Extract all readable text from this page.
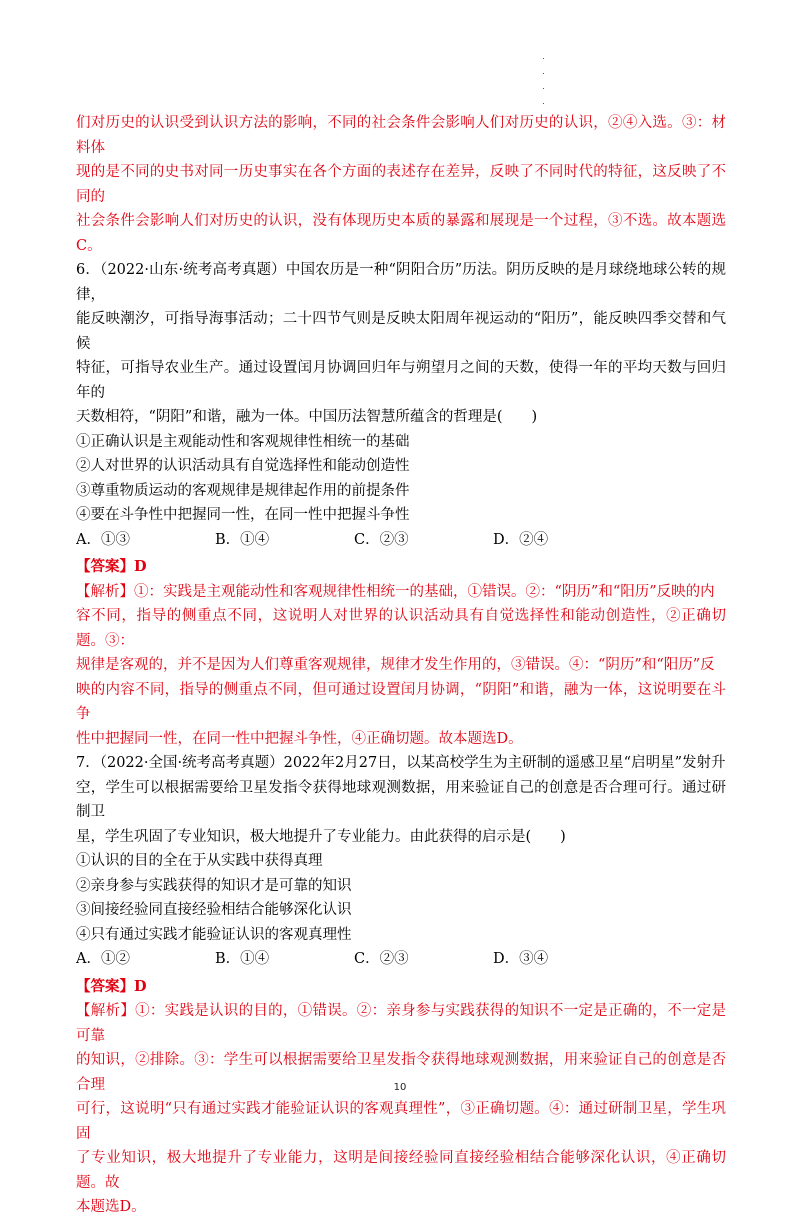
们对历史的认识受到认识方法的影响，不同的社会条件会影响人们对历史的认识，②④入选。③：材料体

现的是不同的史书对同一历史事实在各个方面的表述存在差异，反映了不同时代的特征，这反映了不同的

社会条件会影响人们对历史的认识，没有体现历史本质的暴露和展现是一个过程，③不选。故本题选C。

6．（2022·山东·统考高考真题）中国农历是一种“阴阳合历”历法。阴历反映的是月球绕地球公转的规律，

能反映潮汐，可指导海事活动；二十四节气则是反映太阳周年视运动的“阳历”，能反映四季交替和气候

特征，可指导农业生产。通过设置闰月协调回归年与朔望月之间的天数，使得一年的平均天数与回归年的

天数相符，“阴阳”和谐，融为一体。中国历法智慧所蕴含的哲理是(　　)

①正确认识是主观能动性和客观规律性相统一的基础

②人对世界的认识活动具有自觉选择性和能动创造性

③尊重物质运动的客观规律是规律起作用的前提条件

④要在斗争性中把握同一性，在同一性中把握斗争性

A．①③	B．①④	C．②③	D．②④

【答案】D

【解析】①：实践是主观能动性和客观规律性相统一的基础，①错误。②：“阴历”和“阳历”反映的内

容不同，指导的侧重点不同，这说明人对世界的认识活动具有自觉选择性和能动创造性，②正确切题。③：

规律是客观的，并不是因为人们尊重客观规律，规律才发生作用的，③错误。④：“阴历”和“阳历”反

映的内容不同，指导的侧重点不同，但可通过设置闰月协调，“阴阳”和谐，融为一体，这说明要在斗争

性中把握同一性，在同一性中把握斗争性，④正确切题。故本题选D。

7．（2022·全国·统考高考真题）2022年2月27日，以某高校学生为主研制的遥感卫星“启明星”发射升

空，学生可以根据需要给卫星发指令获得地球观测数据，用来验证自己的创意是否合理可行。通过研制卫

星，学生巩固了专业知识，极大地提升了专业能力。由此获得的启示是(　　)

①认识的目的全在于从实践中获得真理

②亲身参与实践获得的知识才是可靠的知识

③间接经验同直接经验相结合能够深化认识

④只有通过实践才能验证认识的客观真理性

A．①②	B．①④	C．②③	D．③④

【答案】D

【解析】①：实践是认识的目的，①错误。②：亲身参与实践获得的知识不一定是正确的，不一定是可靠

的知识，②排除。③：学生可以根据需要给卫星发指令获得地球观测数据，用来验证自己的创意是否合理

可行，这说明“只有通过实践才能验证认识的客观真理性”，③正确切题。④：通过研制卫星，学生巩固

了专业知识，极大地提升了专业能力，这明是间接经验同直接经验相结合能够深化认识，④正确切题。故

本题选D。

10
